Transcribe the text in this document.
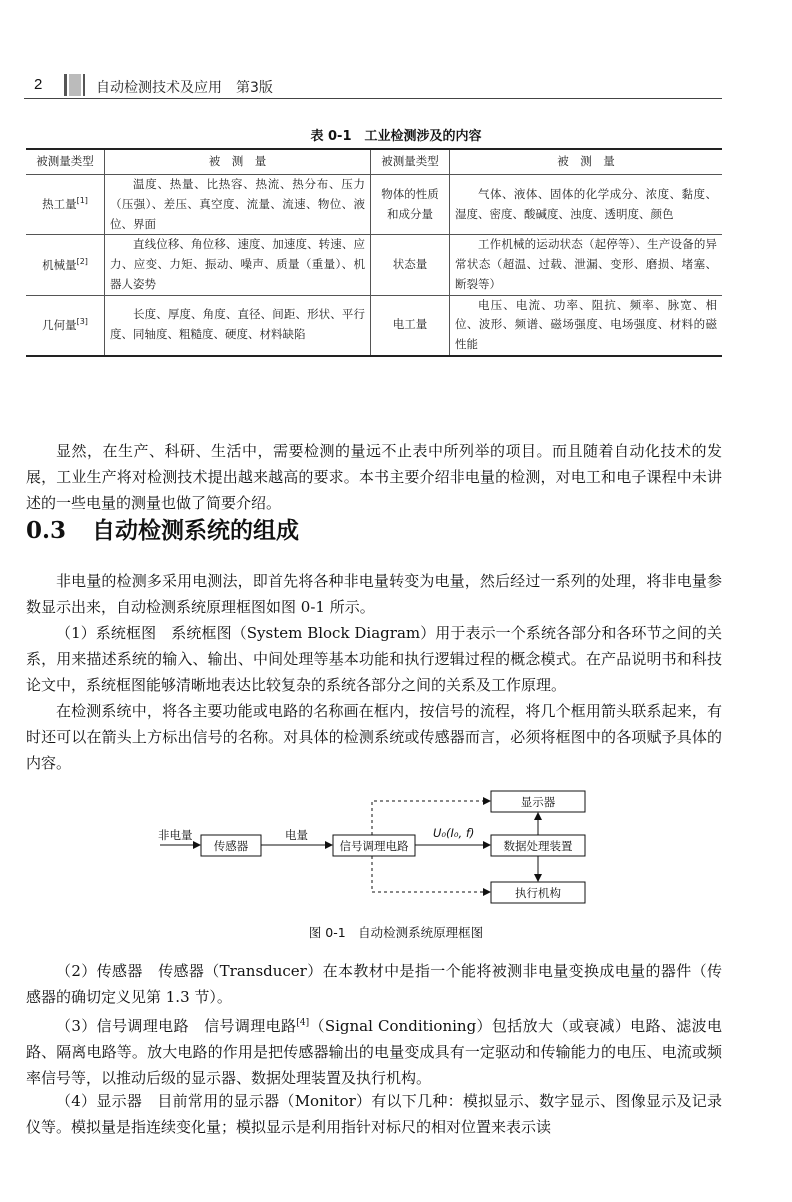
2	自动检测技术及应用　第3版
表 0-1　工业检测涉及的内容
被测量类型	被　测　量	被测量类型	被　测　量
热工量[1]	温度、热量、比热容、热流、热分布、压力（压强）、差压、真空度、流量、流速、物位、液位、界面	物体的性质和成分量	气体、液体、固体的化学成分、浓度、黏度、湿度、密度、酸碱度、浊度、透明度、颜色
机械量[2]	直线位移、角位移、速度、加速度、转速、应力、应变、力矩、振动、噪声、质量（重量）、机器人姿势	状态量	工作机械的运动状态（起停等）、生产设备的异常状态（超温、过载、泄漏、变形、磨损、堵塞、断裂等）
几何量[3]	长度、厚度、角度、直径、间距、形状、平行度、同轴度、粗糙度、硬度、材料缺陷	电工量	电压、电流、功率、阻抗、频率、脉宽、相位、波形、频谱、磁场强度、电场强度、材料的磁性能

显然，在生产、科研、生活中，需要检测的量远不止表中所列举的项目。而且随着自动化技术的发展，工业生产将对检测技术提出越来越高的要求。本书主要介绍非电量的检测，对电工和电子课程中未讲述的一些电量的测量也做了简要介绍。

0.3 自动检测系统的组成

非电量的检测多采用电测法，即首先将各种非电量转变为电量，然后经过一系列的处理，将非电量参数显示出来，自动检测系统原理框图如图 0-1 所示。

（1）系统框图　系统框图（System Block Diagram）用于表示一个系统各部分和各环节之间的关系，用来描述系统的输入、输出、中间处理等基本功能和执行逻辑过程的概念模式。在产品说明书和科技论文中，系统框图能够清晰地表达比较复杂的系统各部分之间的关系及工作原理。

在检测系统中，将各主要功能或电路的名称画在框内，按信号的流程，将几个框用箭头联系起来，有时还可以在箭头上方标出信号的名称。对具体的检测系统或传感器而言，必须将框图中的各项赋予具体的内容。

非电量
传感器
电量
信号调理电路
U₀(I₀, f)
数据处理装置
显示器
执行机构
图 0-1　自动检测系统原理框图

（2）传感器　传感器（Transducer）在本教材中是指一个能将被测非电量变换成电量的器件（传感器的确切定义见第 1.3 节）。

（3）信号调理电路　信号调理电路[4]（Signal Conditioning）包括放大（或衰减）电路、滤波电路、隔离电路等。放大电路的作用是把传感器输出的电量变成具有一定驱动和传输能力的电压、电流或频率信号等，以推动后级的显示器、数据处理装置及执行机构。

（4）显示器　目前常用的显示器（Monitor）有以下几种：模拟显示、数字显示、图像显示及记录仪等。模拟量是指连续变化量；模拟显示是利用指针对标尺的相对位置来表示读
